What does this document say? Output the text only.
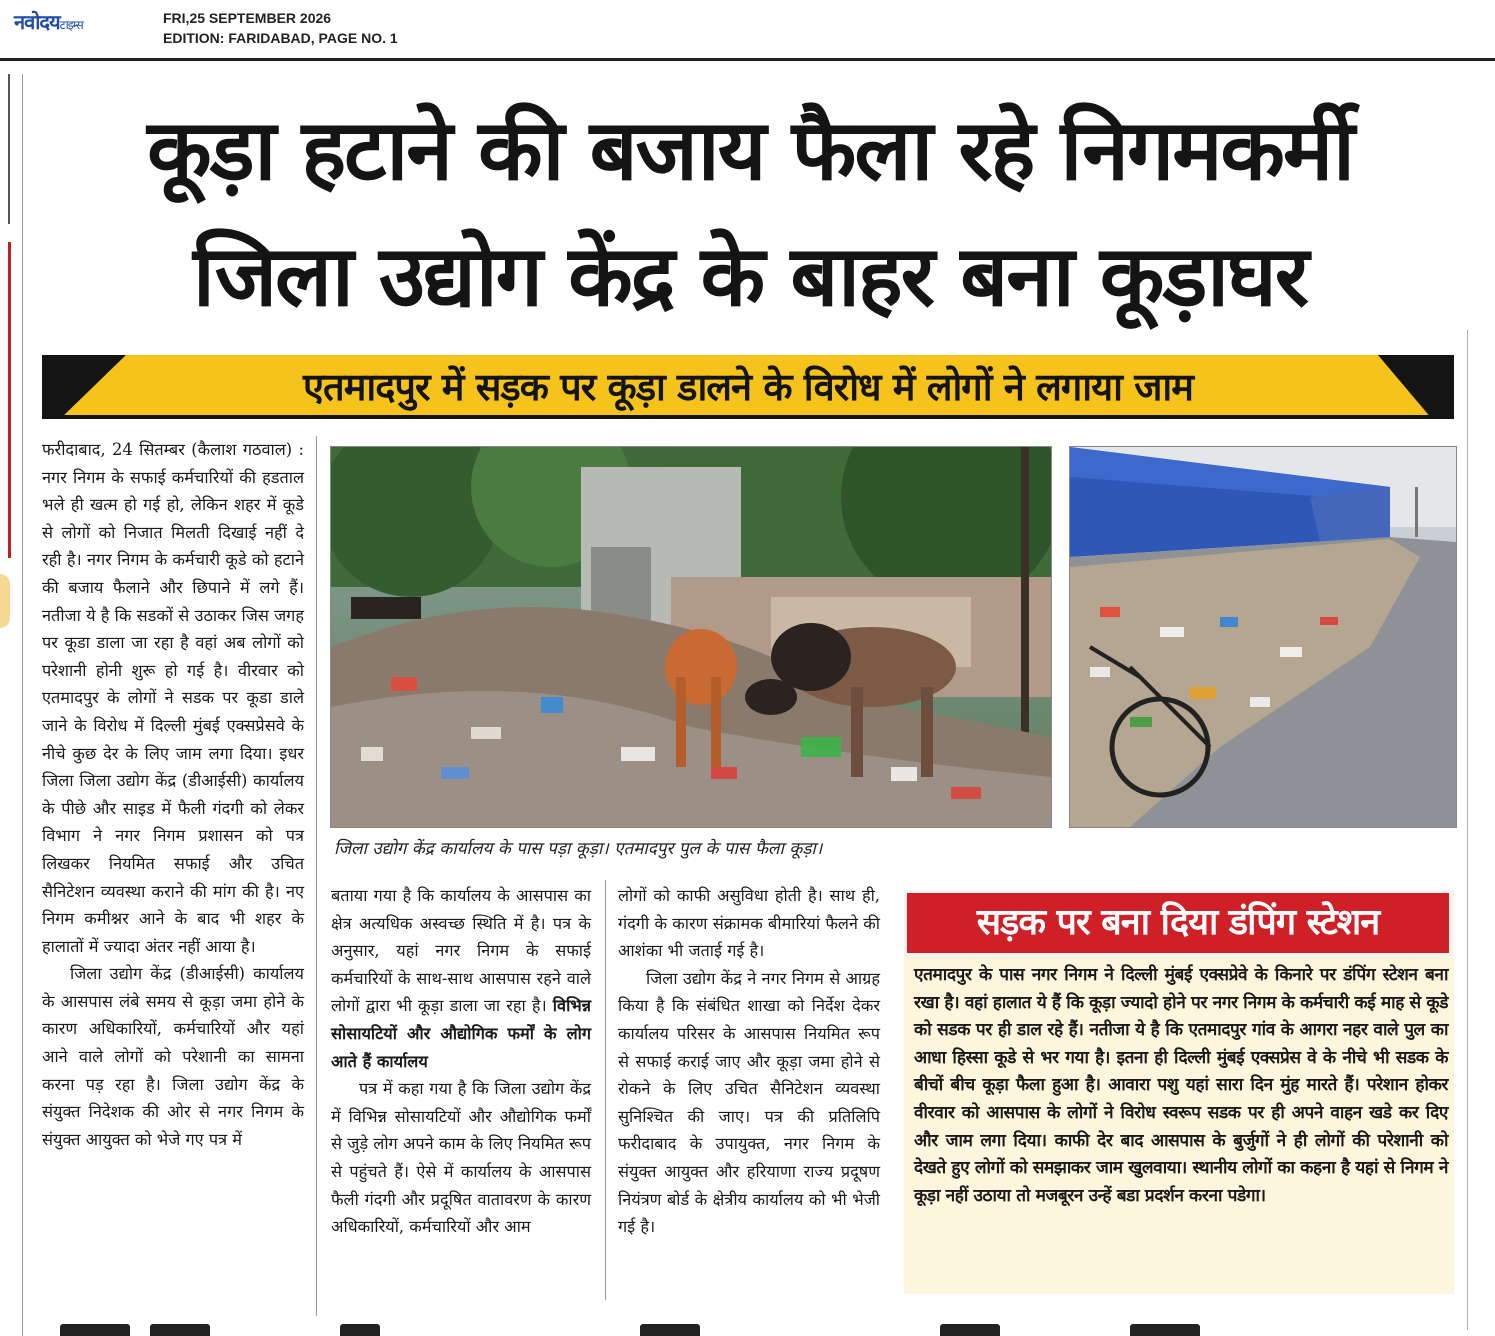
नवोदयटाइम्स	FRI,25 SEPTEMBER 2026
EDITION: FARIDABAD, PAGE NO. 1
कूड़ा हटाने की बजाय फैला रहे निगमकर्मी
जिला उद्योग केंद्र के बाहर बना कूड़ाघर
एतमादपुर में सड़क पर कूड़ा डालने के विरोध में लोगों ने लगाया जाम

फरीदाबाद, 24 सितम्बर (कैलाश गठवाल) : नगर निगम के सफाई कर्मचारियों की हडताल भले ही खत्म हो गई हो, लेकिन शहर में कूडे से लोगों को निजात मिलती दिखाई नहीं दे रही है। नगर निगम के कर्मचारी कूडे को हटाने की बजाय फैलाने और छिपाने में लगे हैं। नतीजा ये है कि सडकों से उठाकर जिस जगह पर कूडा डाला जा रहा है वहां अब लोगों को परेशानी होनी शुरू हो गई है। वीरवार को एतमादपुर के लोगों ने सडक पर कूडा डाले जाने के विरोध में दिल्ली मुंबई एक्सप्रेसवे के नीचे कुछ देर के लिए जाम लगा दिया। इधर जिला जिला उद्योग केंद्र (डीआईसी) कार्यालय के पीछे और साइड में फैली गंदगी को लेकर विभाग ने नगर निगम प्रशासन को पत्र लिखकर नियमित सफाई और उचित सैनिटेशन व्यवस्था कराने की मांग की है। नए निगम कमीश्नर आने के बाद भी शहर के हालातों में ज्यादा अंतर नहीं आया है।

जिला उद्योग केंद्र (डीआईसी) कार्यालय के आसपास लंबे समय से कूड़ा जमा होने के कारण अधिकारियों, कर्मचारियों और यहां आने वाले लोगों को परेशानी का सामना करना पड़ रहा है। जिला उद्योग केंद्र के संयुक्त निदेशक की ओर से नगर निगम के संयुक्त आयुक्त को भेजे गए पत्र में

जिला उद्योग केंद्र कार्यालय के पास पड़ा कूड़ा। एतमादपुर पुल के पास फैला कूड़ा।

बताया गया है कि कार्यालय के आसपास का क्षेत्र अत्यधिक अस्वच्छ स्थिति में है। पत्र के अनुसार, यहां नगर निगम के सफाई कर्मचारियों के साथ-साथ आसपास रहने वाले लोगों द्वारा भी कूड़ा डाला जा रहा है। विभिन्न सोसायटियों और औद्योगिक फर्मों के लोग आते हैं कार्यालय

पत्र में कहा गया है कि जिला उद्योग केंद्र में विभिन्न सोसायटियों और औद्योगिक फर्मों से जुड़े लोग अपने काम के लिए नियमित रूप से पहुंचते हैं। ऐसे में कार्यालय के आसपास फैली गंदगी और प्रदूषित वातावरण के कारण अधिकारियों, कर्मचारियों और आम

लोगों को काफी असुविधा होती है। साथ ही, गंदगी के कारण संक्रामक बीमारियां फैलने की आशंका भी जताई गई है।

जिला उद्योग केंद्र ने नगर निगम से आग्रह किया है कि संबंधित शाखा को निर्देश देकर कार्यालय परिसर के आसपास नियमित रूप से सफाई कराई जाए और कूड़ा जमा होने से रोकने के लिए उचित सैनिटेशन व्यवस्था सुनिश्चित की जाए। पत्र की प्रतिलिपि फरीदाबाद के उपायुक्त, नगर निगम के संयुक्त आयुक्त और हरियाणा राज्य प्रदूषण नियंत्रण बोर्ड के क्षेत्रीय कार्यालय को भी भेजी गई है।

सड़क पर बना दिया डंपिंग स्टेशन
एतमादपुर के पास नगर निगम ने दिल्ली मुंबई एक्सप्रेवे के किनारे पर डंपिंग स्टेशन बना रखा है। वहां हालात ये हैं कि कूड़ा ज्यादो होने पर नगर निगम के कर्मचारी कई माह से कूडे को सडक पर ही डाल रहे हैं। नतीजा ये है कि एतमादपुर गांव के आगरा नहर वाले पुल का आधा हिस्सा कूडे से भर गया है। इतना ही दिल्ली मुंबई एक्सप्रेस वे के नीचे भी सडक के बीचों बीच कूड़ा फैला हुआ है। आवारा पशु यहां सारा दिन मुंह मारते हैं। परेशान होकर वीरवार को आसपास के लोगों ने विरोध स्वरूप सडक पर ही अपने वाहन खडे कर दिए और जाम लगा दिया। काफी देर बाद आसपास के बुर्जुगों ने ही लोगों की परेशानी को देखते हुए लोगों को समझाकर जाम खुलवाया। स्थानीय लोगों का कहना है यहां से निगम ने कूड़ा नहीं उठाया तो मजबूरन उन्हें बडा प्रदर्शन करना पडेगा।
